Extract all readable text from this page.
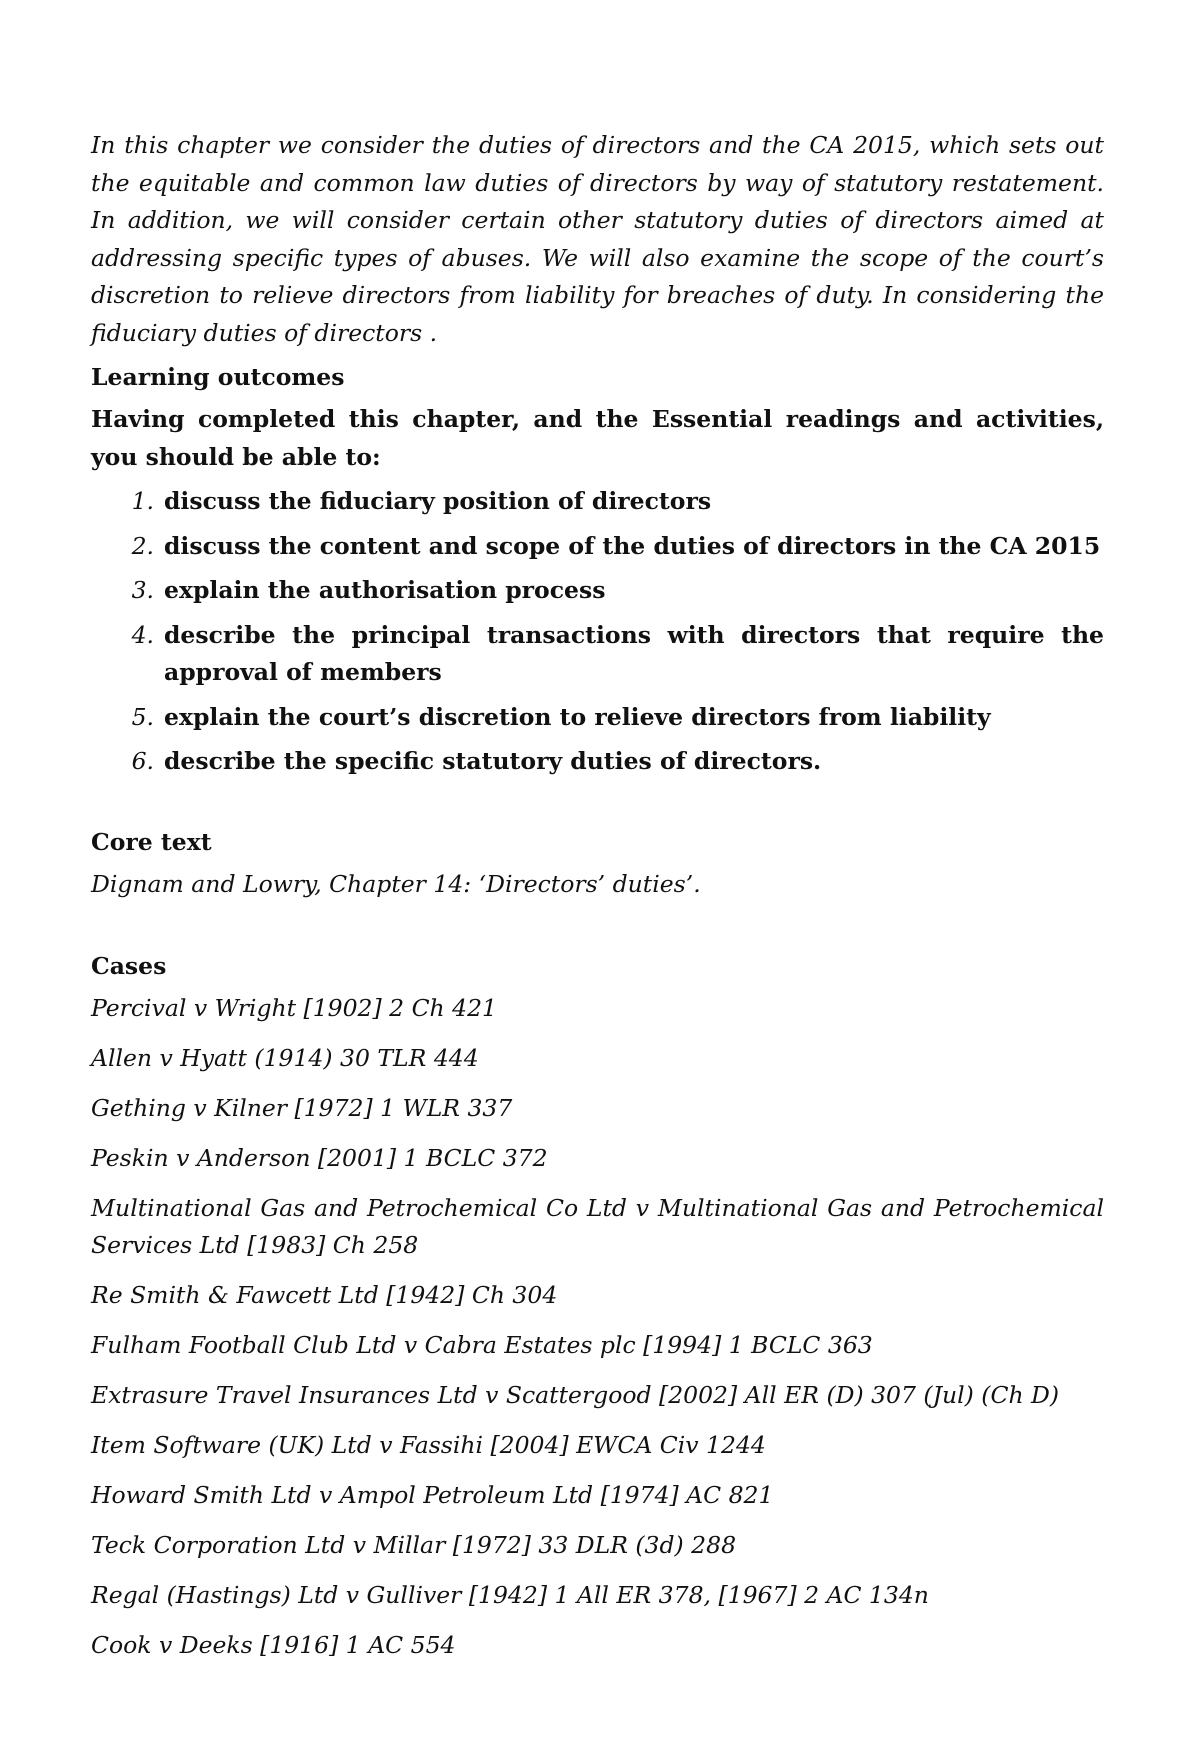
In this chapter we consider the duties of directors and the CA 2015, which sets out the equitable and common law duties of directors by way of statutory restatement. In addition, we will consider certain other statutory duties of directors aimed at addressing specific types of abuses. We will also examine the scope of the court’s discretion to relieve directors from liability for breaches of duty. In considering the fiduciary duties of directors .

Learning outcomes

Having completed this chapter, and the Essential readings and activities, you should be able to:

1. discuss the fiduciary position of directors
2. discuss the content and scope of the duties of directors in the CA 2015
3. explain the authorisation process
4. describe the principal transactions with directors that require the approval of members
5. explain the court’s discretion to relieve directors from liability
6. describe the specific statutory duties of directors.
Core text

Dignam and Lowry, Chapter 14: ‘Directors’ duties’.

Cases
Percival v Wright [1902] 2 Ch 421
Allen v Hyatt (1914) 30 TLR 444
Gething v Kilner [1972] 1 WLR 337
Peskin v Anderson [2001] 1 BCLC 372
Multinational Gas and Petrochemical Co Ltd v Multinational Gas and Petrochemical Services Ltd [1983] Ch 258
Re Smith & Fawcett Ltd [1942] Ch 304
Fulham Football Club Ltd v Cabra Estates plc [1994] 1 BCLC 363
Extrasure Travel Insurances Ltd v Scattergood [2002] All ER (D) 307 (Jul) (Ch D)
Item Software (UK) Ltd v Fassihi [2004] EWCA Civ 1244
Howard Smith Ltd v Ampol Petroleum Ltd [1974] AC 821
Teck Corporation Ltd v Millar [1972] 33 DLR (3d) 288
Regal (Hastings) Ltd v Gulliver [1942] 1 All ER 378, [1967] 2 AC 134n
Cook v Deeks [1916] 1 AC 554
